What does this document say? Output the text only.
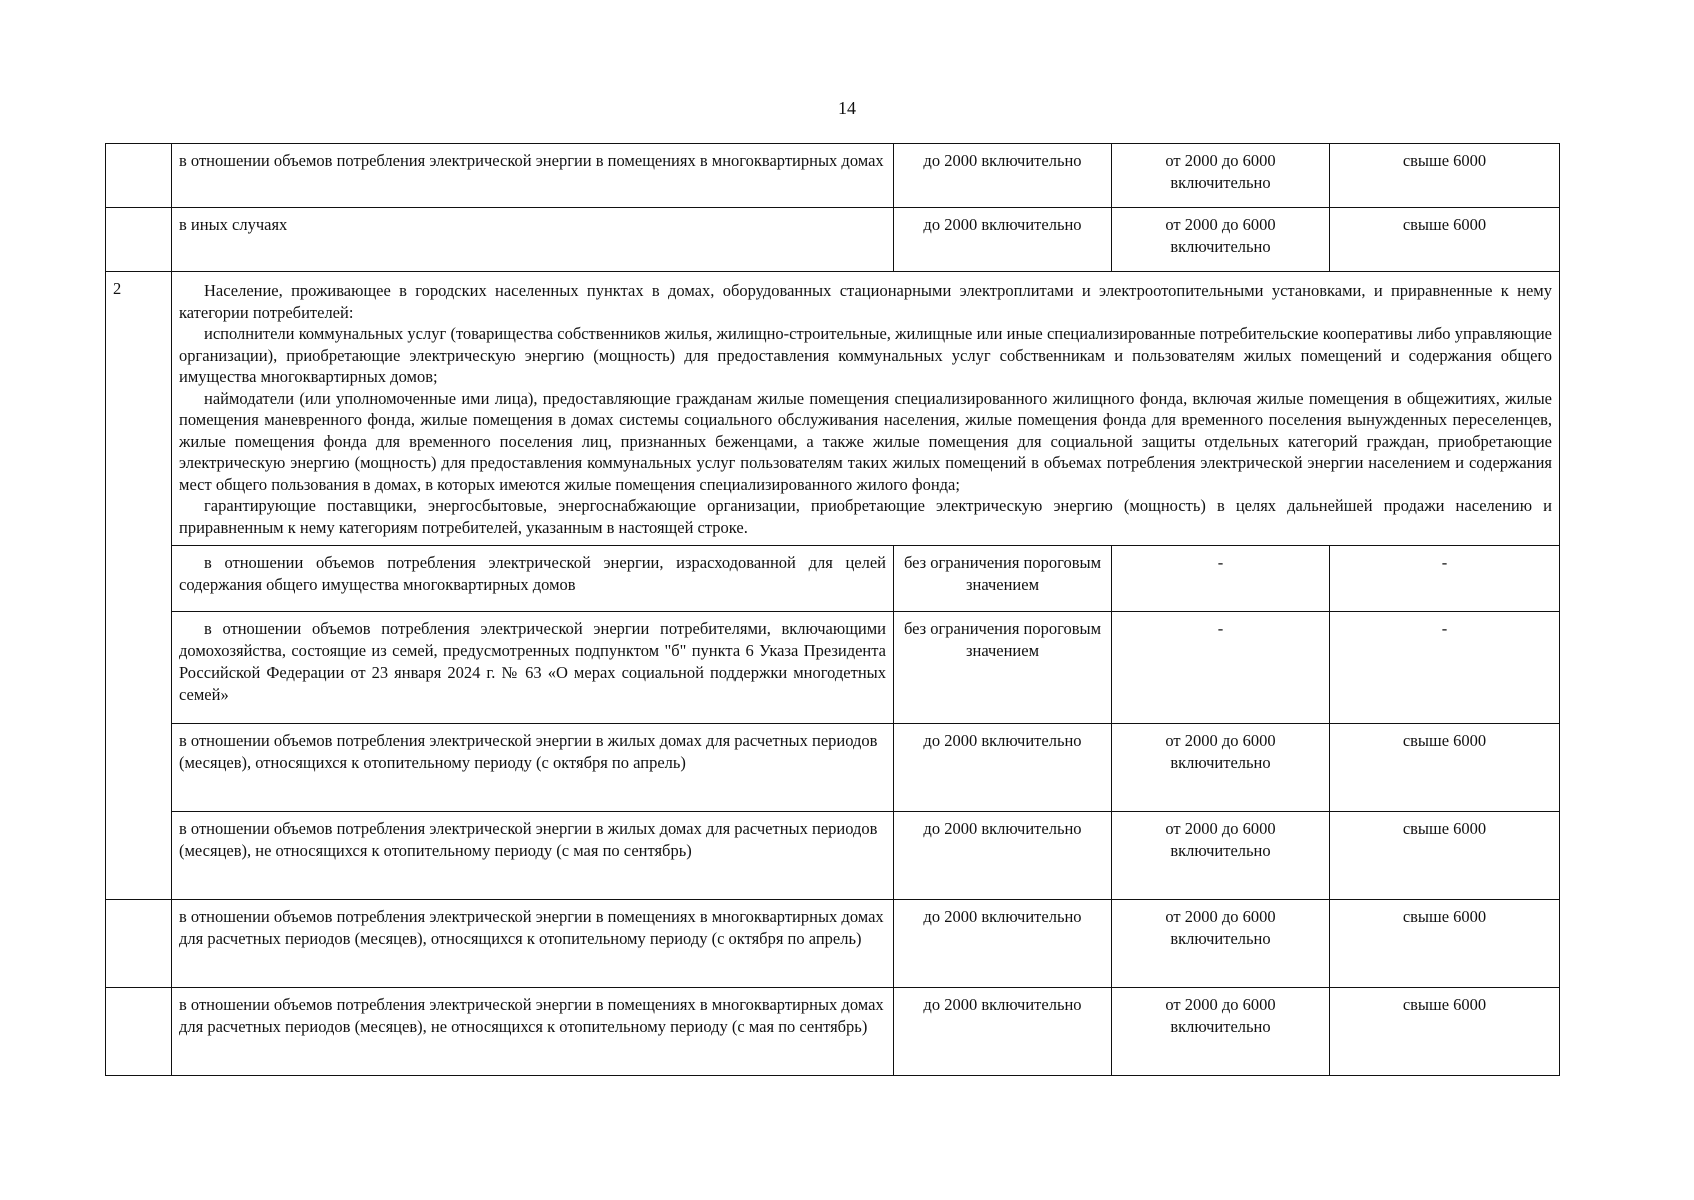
14
	в отношении объемов потребления электрической энергии в помещениях в многоквартирных домах	до 2000 включительно	от 2000 до 6000 включительно	свыше 6000
	в иных случаях	до 2000 включительно	от 2000 до 6000 включительно	свыше 6000
2	Население, проживающее в городских населенных пунктах в домах, оборудованных стационарными электроплитами и электроотопительными установками, и приравненные к нему категории потребителей:

исполнители коммунальных услуг (товарищества собственников жилья, жилищно-строительные, жилищные или иные специализированные потребительские кооперативы либо управляющие организации), приобретающие электрическую энергию (мощность) для предоставления коммунальных услуг собственникам и пользователям жилых помещений и содержания общего имущества многоквартирных домов;

наймодатели (или уполномоченные ими лица), предоставляющие гражданам жилые помещения специализированного жилищного фонда, включая жилые помещения в общежитиях, жилые помещения маневренного фонда, жилые помещения в домах системы социального обслуживания населения, жилые помещения фонда для временного поселения вынужденных переселенцев, жилые помещения фонда для временного поселения лиц, признанных беженцами, а также жилые помещения для социальной защиты отдельных категорий граждан, приобретающие электрическую энергию (мощность) для предоставления коммунальных услуг пользователям таких жилых помещений в объемах потребления электрической энергии населением и содержания мест общего пользования в домах, в которых имеются жилые помещения специализированного жилого фонда;

гарантирующие поставщики, энергосбытовые, энергоснабжающие организации, приобретающие электрическую энергию (мощность) в целях дальнейшей продажи населению и приравненным к нему категориям потребителей, указанным в настоящей строке.			

	в отношении объемов потребления электрической энергии, израсходованной для целей содержания общего имущества многоквартирных домов	без ограничения пороговым значением	-	-
	в отношении объемов потребления электрической энергии потребителями, включающими домохозяйства, состоящие из семей, предусмотренных подпунктом "б" пункта 6 Указа Президента Российской Федерации от 23 января 2024 г. № 63 «О мерах социальной поддержки многодетных семей»	без ограничения пороговым значением	-	-
	в отношении объемов потребления электрической энергии в жилых домах для расчетных периодов (месяцев), относящихся к отопительному периоду (с октября по апрель)	до 2000 включительно	от 2000 до 6000 включительно	свыше 6000
	в отношении объемов потребления электрической энергии в жилых домах для расчетных периодов (месяцев), не относящихся к отопительному периоду (с мая по сентябрь)	до 2000 включительно	от 2000 до 6000 включительно	свыше 6000
	в отношении объемов потребления электрической энергии в помещениях в многоквартирных домах для расчетных периодов (месяцев), относящихся к отопительному периоду (с октября по апрель)	до 2000 включительно	от 2000 до 6000 включительно	свыше 6000
	в отношении объемов потребления электрической энергии в помещениях в многоквартирных домах для расчетных периодов (месяцев), не относящихся к отопительному периоду (с мая по сентябрь)	до 2000 включительно	от 2000 до 6000 включительно	свыше 6000
